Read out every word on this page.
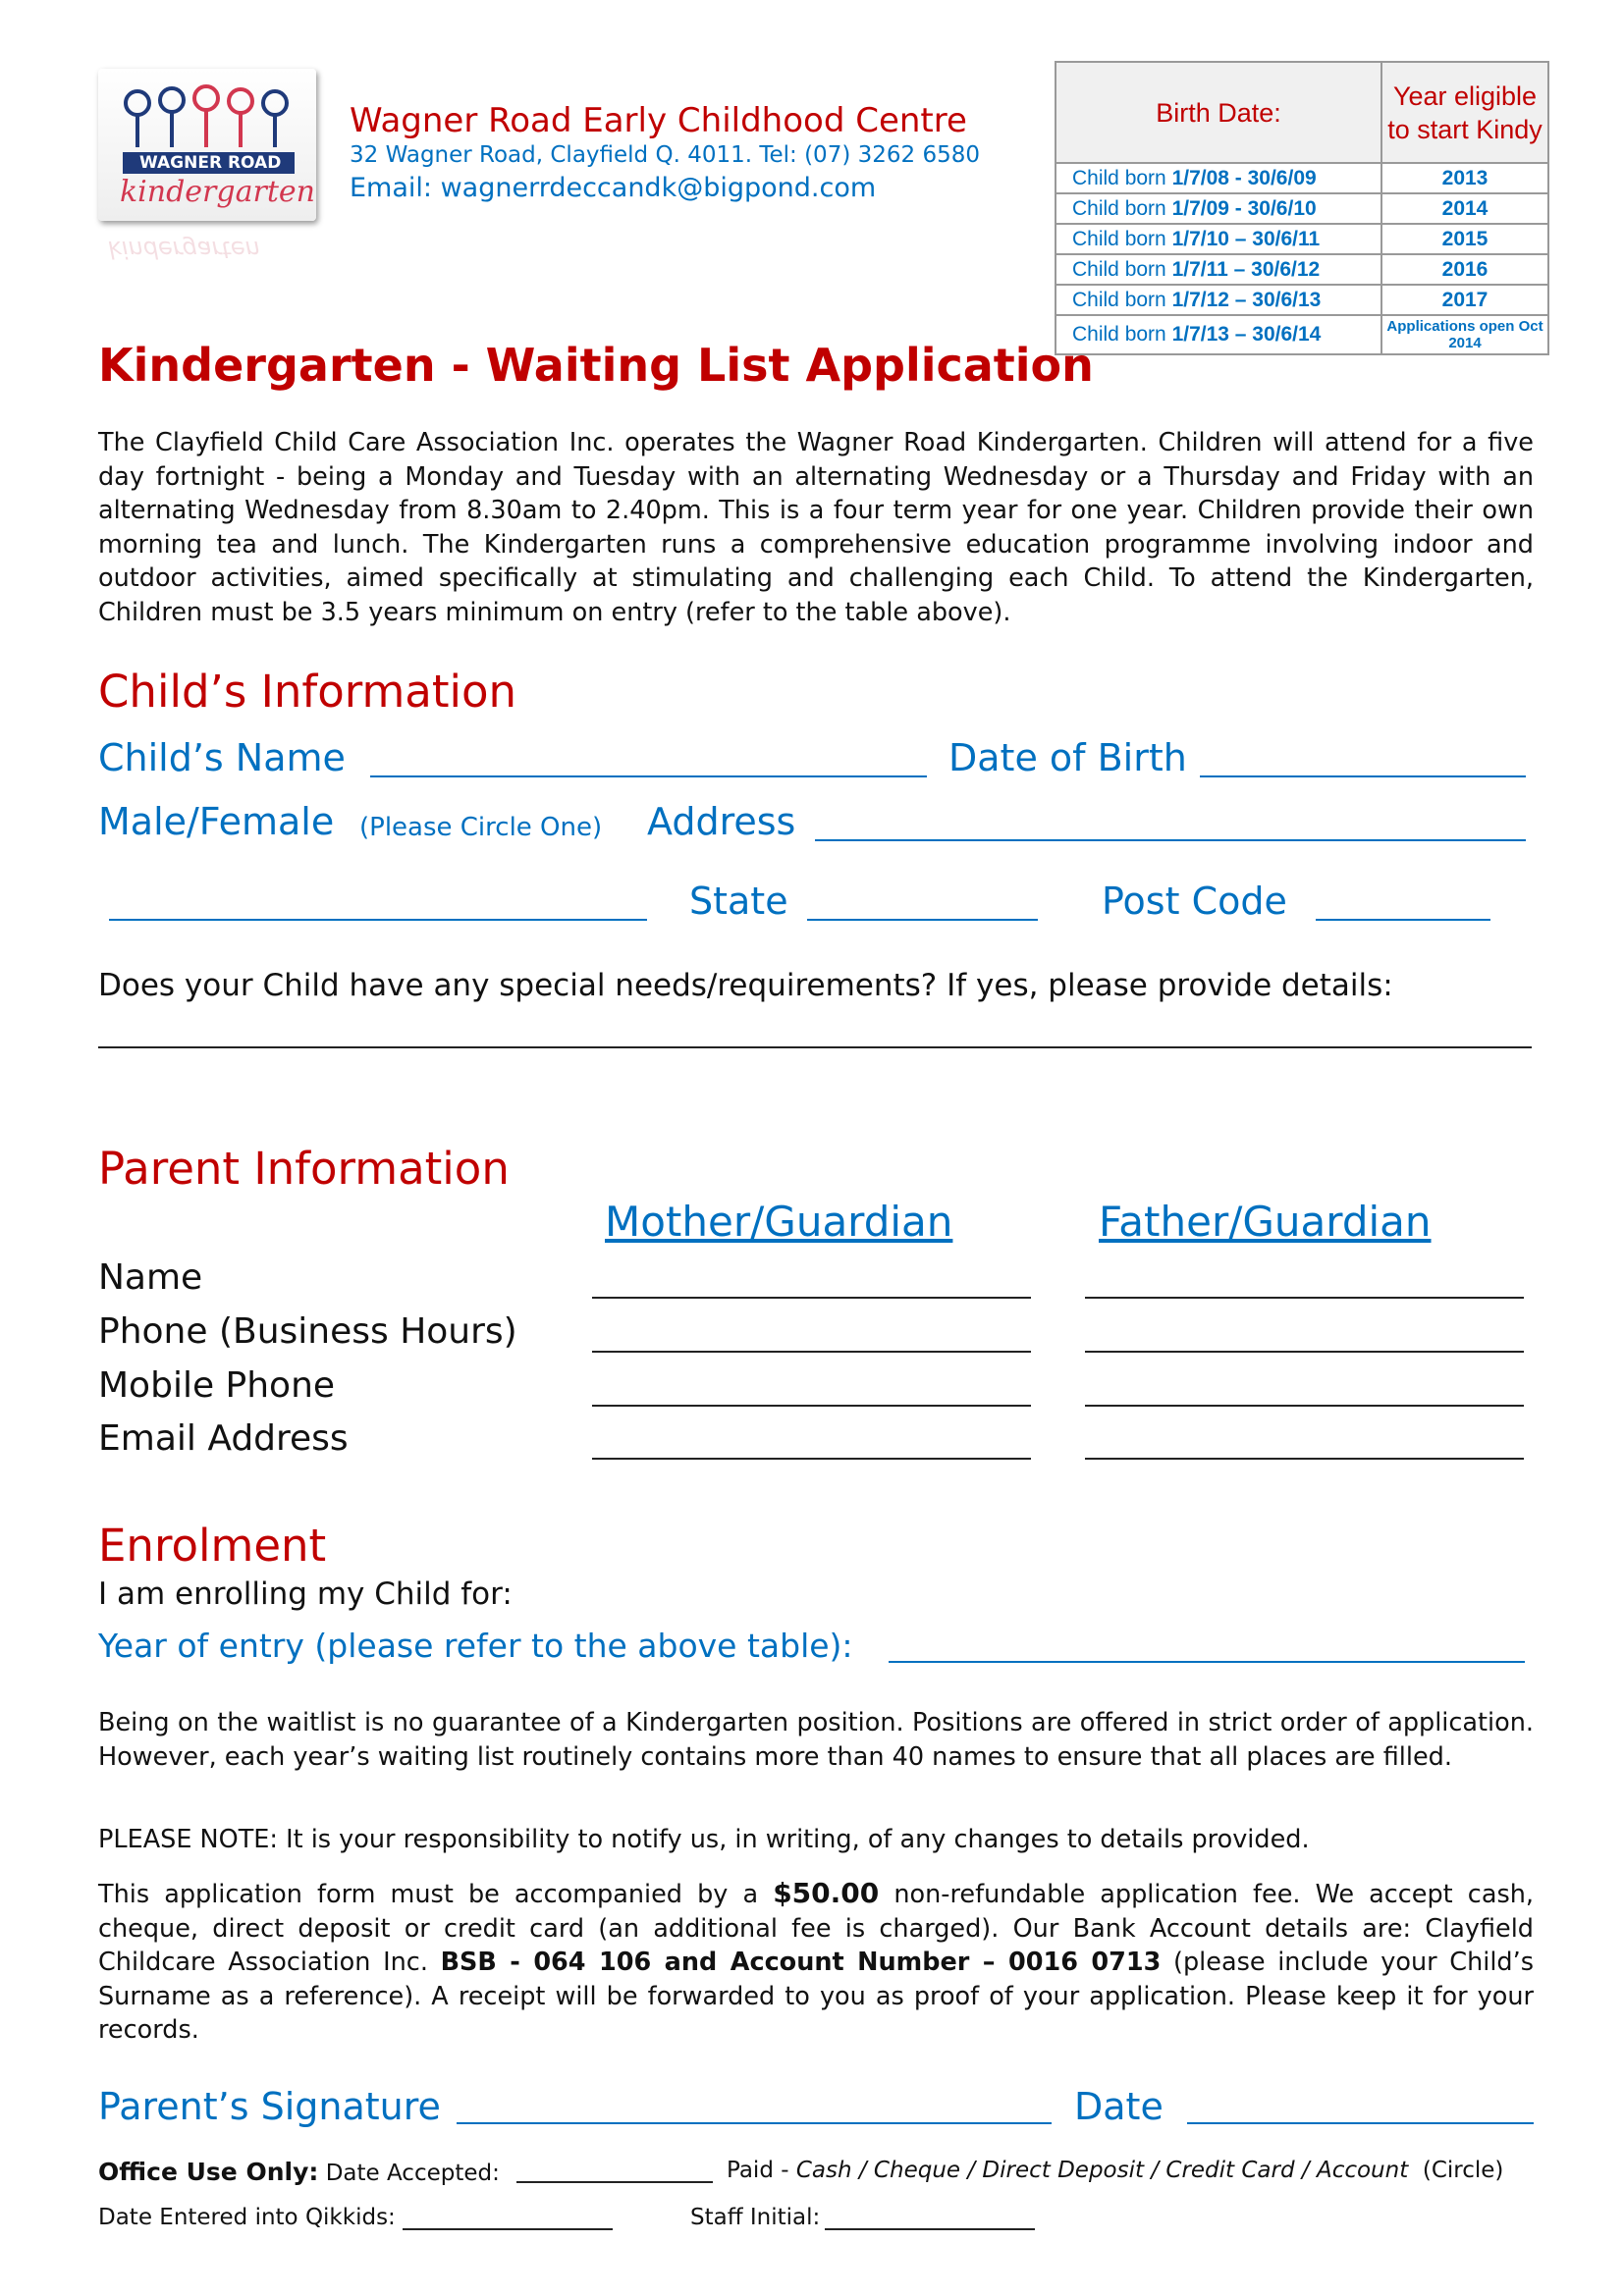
WAGNER ROAD
kindergarten
kindergarten
Wagner Road Early Childhood Centre
32 Wagner Road, Clayfield Q. 4011. Tel: (07) 3262 6580
Email: wagnerrdeccandk@bigpond.com
Birth Date:	Year eligible to start Kindy
Child born 1/7/08 - 30/6/09	2013
Child born 1/7/09 - 30/6/10	2014
Child born 1/7/10 – 30/6/11	2015
Child born 1/7/11 – 30/6/12	2016
Child born 1/7/12 – 30/6/13	2017
Child born 1/7/13 – 30/6/14	Applications open Oct 2014
Kindergarten - Waiting List Application
The Clayfield Child Care Association Inc. operates the Wagner Road Kindergarten. Children will attend for a five day fortnight - being a Monday and Tuesday with an alternating Wednesday or a Thursday and Friday with an alternating Wednesday from 8.30am to 2.40pm. This is a four term year for one year. Children provide their own morning tea and lunch. The Kindergarten runs a comprehensive education programme involving indoor and outdoor activities, aimed specifically at stimulating and challenging each Child. To attend the Kindergarten, Children must be 3.5 years minimum on entry (refer to the table above).
Child’s Information
Child’s Name	Date of Birth
Male/Female (Please Circle One) Address
State	Post Code
Does your Child have any special needs/requirements? If yes, please provide details:
Parent Information
Mother/Guardian	Father/Guardian
Name
Phone (Business Hours)
Mobile Phone
Email Address
Enrolment
I am enrolling my Child for:
Year of entry (please refer to the above table):
Being on the waitlist is no guarantee of a Kindergarten position. Positions are offered in strict order of application. However, each year’s waiting list routinely contains more than 40 names to ensure that all places are filled.
PLEASE NOTE: It is your responsibility to notify us, in writing, of any changes to details provided.
This application form must be accompanied by a $50.00 non-refundable application fee. We accept cash, cheque, direct deposit or credit card (an additional fee is charged). Our Bank Account details are: Clayfield Childcare Association Inc. BSB - 064 106 and Account Number – 0016 0713 (please include your Child’s Surname as a reference). A receipt will be forwarded to you as proof of your application. Please keep it for your records.
Parent’s Signature	Date
Office Use Only: Date Accepted:	Paid - Cash / Cheque / Direct Deposit / Credit Card / Account (Circle)
Date Entered into Qikkids:	Staff Initial:
